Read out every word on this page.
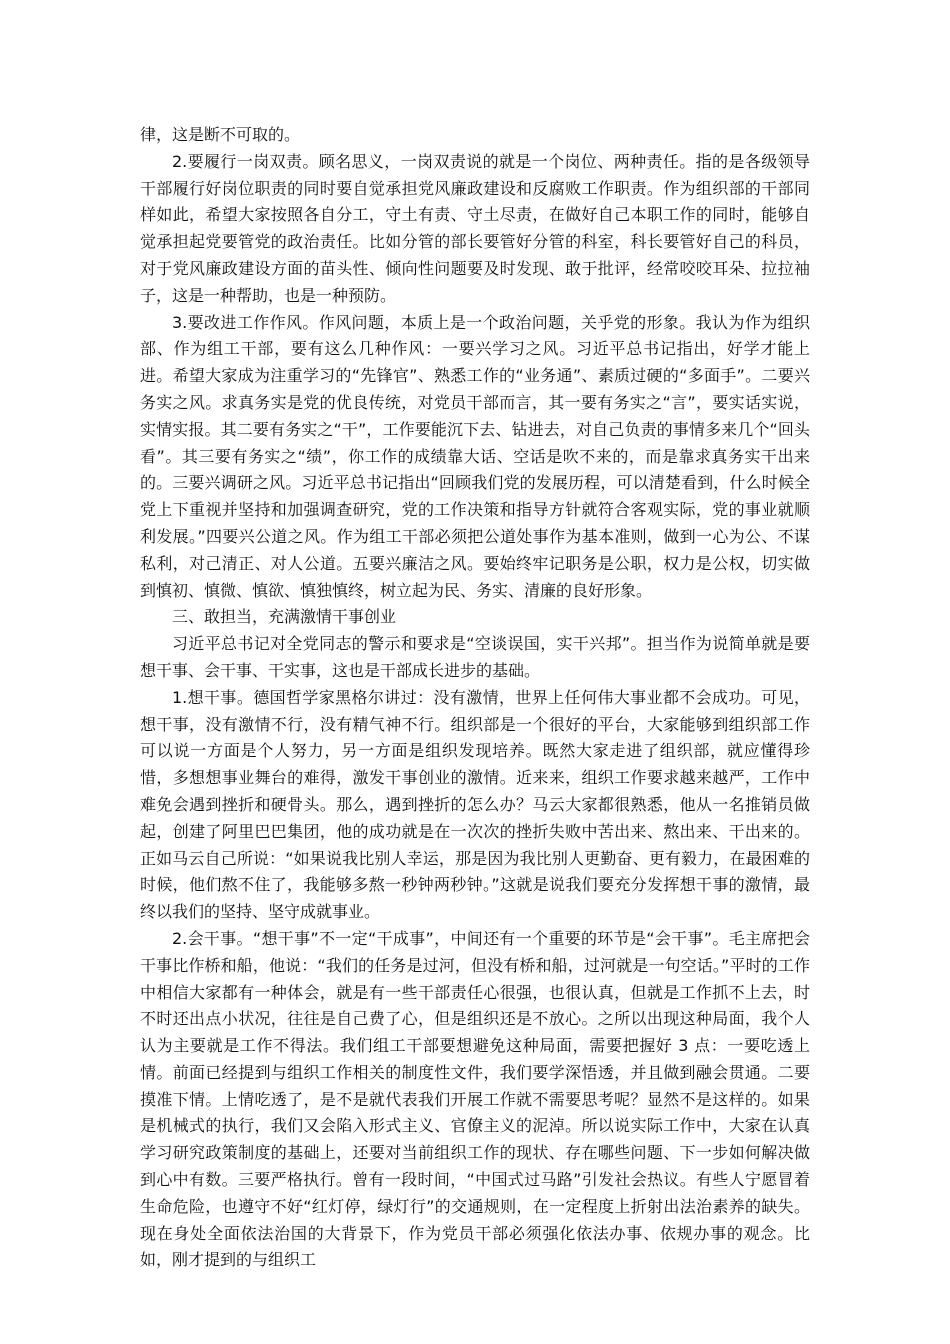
律，这是断不可取的。

2.要履行一岗双责。顾名思义，一岗双责说的就是一个岗位、两种责任。指的是各级领导干部履行好岗位职责的同时要自觉承担党风廉政建设和反腐败工作职责。作为组织部的干部同样如此，希望大家按照各自分工，守土有责、守土尽责，在做好自己本职工作的同时，能够自觉承担起党要管党的政治责任。比如分管的部长要管好分管的科室，科长要管好自己的科员，对于党风廉政建设方面的苗头性、倾向性问题要及时发现、敢于批评，经常咬咬耳朵、拉拉袖子，这是一种帮助，也是一种预防。

3.要改进工作作风。作风问题，本质上是一个政治问题，关乎党的形象。我认为作为组织部、作为组工干部，要有这么几种作风：一要兴学习之风。习近平总书记指出，好学才能上进。希望大家成为注重学习的“先锋官”、熟悉工作的“业务通”、素质过硬的“多面手”。二要兴务实之风。求真务实是党的优良传统，对党员干部而言，其一要有务实之“言”，要实话实说，实情实报。其二要有务实之“干”，工作要能沉下去、钻进去，对自己负责的事情多来几个“回头看”。其三要有务实之“绩”，你工作的成绩靠大话、空话是吹不来的，而是靠求真务实干出来的。三要兴调研之风。习近平总书记指出“回顾我们党的发展历程，可以清楚看到，什么时候全党上下重视并坚持和加强调查研究，党的工作决策和指导方针就符合客观实际，党的事业就顺利发展。”四要兴公道之风。作为组工干部必须把公道处事作为基本准则，做到一心为公、不谋私利，对己清正、对人公道。五要兴廉洁之风。要始终牢记职务是公职，权力是公权，切实做到慎初、慎微、慎欲、慎独慎终，树立起为民、务实、清廉的良好形象。

三、敢担当，充满激情干事创业

习近平总书记对全党同志的警示和要求是“空谈误国，实干兴邦”。担当作为说简单就是要想干事、会干事、干实事，这也是干部成长进步的基础。

1.想干事。德国哲学家黑格尔讲过：没有激情，世界上任何伟大事业都不会成功。可见，想干事，没有激情不行，没有精气神不行。组织部是一个很好的平台，大家能够到组织部工作可以说一方面是个人努力，另一方面是组织发现培养。既然大家走进了组织部，就应懂得珍惜，多想想事业舞台的难得，激发干事创业的激情。近来来，组织工作要求越来越严，工作中难免会遇到挫折和硬骨头。那么，遇到挫折的怎么办？马云大家都很熟悉，他从一名推销员做起，创建了阿里巴巴集团，他的成功就是在一次次的挫折失败中苦出来、熬出来、干出来的。正如马云自己所说：“如果说我比别人幸运，那是因为我比别人更勤奋、更有毅力，在最困难的时候，他们熬不住了，我能够多熬一秒钟两秒钟。”这就是说我们要充分发挥想干事的激情，最终以我们的坚持、坚守成就事业。

2.会干事。“想干事”不一定“干成事”，中间还有一个重要的环节是“会干事”。毛主席把会干事比作桥和船，他说：“我们的任务是过河，但没有桥和船，过河就是一句空话。”平时的工作中相信大家都有一种体会，就是有一些干部责任心很强，也很认真，但就是工作抓不上去，时不时还出点小状况，往往是自己费了心，但是组织还是不放心。之所以出现这种局面，我个人认为主要就是工作不得法。我们组工干部要想避免这种局面，需要把握好 3 点：一要吃透上情。前面已经提到与组织工作相关的制度性文件，我们要学深悟透，并且做到融会贯通。二要摸准下情。上情吃透了，是不是就代表我们开展工作就不需要思考呢？显然不是这样的。如果是机械式的执行，我们又会陷入形式主义、官僚主义的泥淖。所以说实际工作中，大家在认真学习研究政策制度的基础上，还要对当前组织工作的现状、存在哪些问题、下一步如何解决做到心中有数。三要严格执行。曾有一段时间，“中国式过马路”引发社会热议。有些人宁愿冒着生命危险，也遵守不好“红灯停，绿灯行”的交通规则，在一定程度上折射出法治素养的缺失。现在身处全面依法治国的大背景下，作为党员干部必须强化依法办事、依规办事的观念。比如，刚才提到的与组织工
